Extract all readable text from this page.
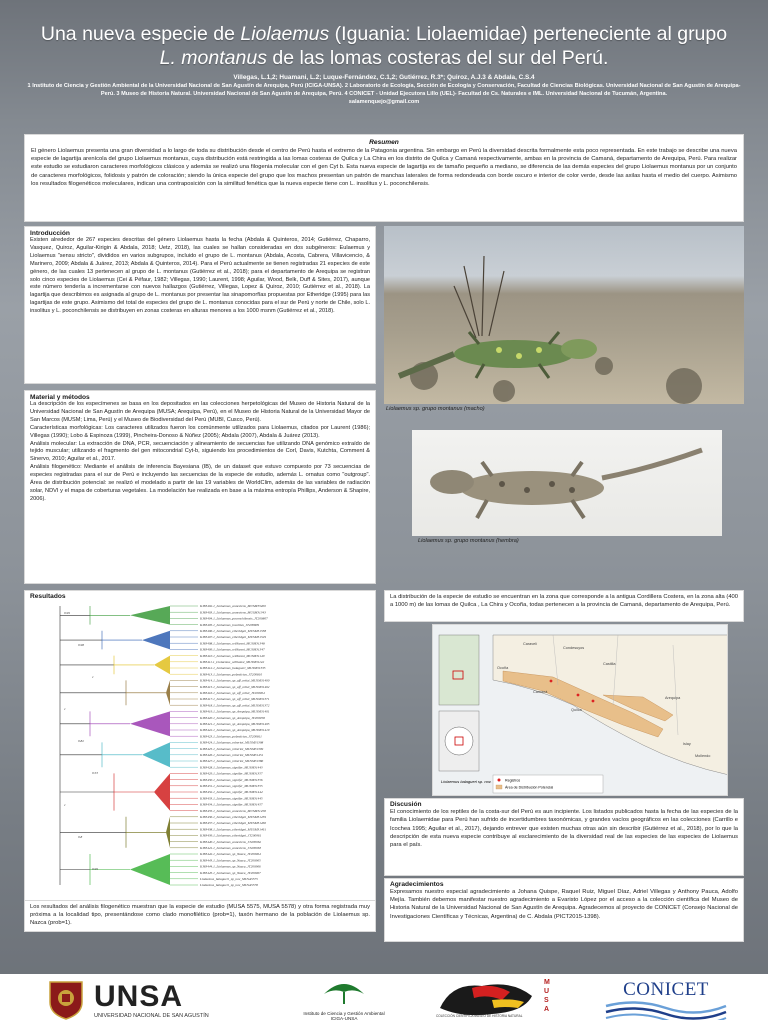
Una nueva especie de Liolaemus (Iguania: Liolaemidae) perteneciente al grupo
L. montanus de las lomas costeras del sur del Perú.
Villegas, L.1,2; Huamani, L.2; Luque-Fernández, C.1,2; Gutiérrez, R.3*; Quiroz, A.J.3 & Abdala, C.S.4
1 Instituto de Ciencia y Gestión Ambiental de la Universidad Nacional de San Agustín de Arequipa, Perú (ICIGA-UNSA). 2 Laboratorio de Ecología, Sección de Ecología y Conservación, Facultad de Ciencias Biológicas. Universidad Nacional de San Agustín de Arequipa- Perú. 3 Museo de Historia Natural. Universidad Nacional de San Agustín de Arequipa, Perú. 4 CONICET - Unidad Ejecutora Lillo (UEL)- Facultad de Cs. Naturales e IML. Universidad Nacional de Tucumán, Argentina.
salamenquejo@gmail.com
Resumen
El género Liolaemus presenta una gran diversidad a lo largo de toda su distribución desde el centro de Perú hasta el extremo de la Patagonia argentina. Sin embargo en Perú la diversidad descrita formalmente esta poco representada. En este trabajo se describe una nueva especie de lagartija arenícola del grupo Liolaemus montanus, cuya distribución está restringida a las lomas costeras de Quilca y La Chira en los distrito de Quilca y Camaná respectivamente, ambas en la provincia de Camaná, departamento de Arequipa, Perú. Para realizar este estudio se estudiaron caracteres morfológicos clásicos y además se realizó una filogenia molecular con el gen Cyt b. Esta nueva especie de lagartija es de tamaño pequeño a mediano, se diferencia de las demás especies del grupo Liolaemus montanus por un conjunto de caracteres morfológicos, folidosis y patrón de coloración; siendo la única especie del grupo que los machos presentan un patrón de manchas laterales de forma redondeada con borde oscuro e interior de color verde, desde las axilas hasta el medio del cuerpo. Asimismo los resultados filogenéticos moleculares, indican una contraposición con la similitud fenética que la nueva especie tiene con L. insolitus y L. poconchilensis.
Introducción
Existen alrededor de 267 especies descritas del género Liolaemus hasta la fecha (Abdala & Quinteros, 2014; Gutiérrez, Chaparro, Vasquez, Quiroz, Aguilar-Kirigin & Abdala, 2018; Uetz, 2018), las cuales se hallan consideradas en dos subgéneros: Eulaemus y Liolaemus "sensu stricto", divididos en varios subgrupos, incluido el grupo de L. montanus (Abdala, Acosta, Cabrera, Villavicencio, & Marinero, 2009; Abdala & Juárez, 2013; Abdala & Quinteros, 2014). Para el Perú actualmente se tienen registradas 21 especies de este género, de las cuales 13 pertenecen al grupo de L. montanus (Gutiérrez et al., 2018); para el departamento de Arequipa se registran solo cinco especies de Liolaemus (Cei & Péfaur, 1982; Villegas, 1990; Laurent, 1998; Aguilar, Wood, Belk, Duff & Sites, 2017), aunque este número tendería a incrementarse con nuevos hallazgos (Gutiérrez, Villegas, Lopez & Quiroz, 2010; Gutiérrez et al., 2018). La lagartija que describimos es asignada al grupo de L. montanus por presentar las sinapomorfías propuestas por Etheridge (1995) para las lagartijas de este grupo. Asimismo del total de especies del grupo de L. montanus conocidas para el sur de Perú y norte de Chile, solo L. insolitus y L. poconchilensis se distribuyen en zonas costeras en alturas menores a los 1000 msnm (Gutiérrez et al., 2018).
Material y métodos
La descripción de los especímenes se basa en los depositados en las colecciones herpetológicas del Museo de Historia Natural de la Universidad Nacional de San Agustín de Arequipa (MUSA; Arequipa, Perú), en el Museo de Historia Natural de la Universidad Mayor de San Marcos (MUSM; Lima, Perú) y el Museo de Biodiversidad del Perú (MUBI, Cusco, Perú).
Características morfológicas: Los caracteres utilizados fueron los comúnmente utilizados para Liolaemus, citados por Laurent (1986); Villegas (1990); Lobo & Espinoza (1999), Pincheira-Donoso & Núñez (2005); Abdala (2007), Abdala & Juárez (2013).
Análisis molecular: La extracción de DNA, PCR, secuenciación y alineamiento de secuencias fue utilizando DNA genómico extraído de tejido muscular; utilizando el fragmento del gen mitocondrial Cyt-b, siguiendo los procedimientos de Corl, Davis, Kutchta, Comment & Sinervo, 2010; Aguilar et al., 2017.
Análisis filogenético: Mediante el análisis de inferencia Bayesiana (IB), de un dataset que estuvo compuesto por 73 secuencias de especies registradas para el sur de Perú e incluyendo las secuencias de la especie de estudio, además L. ornatus como "outgroup". Área de distribución potencial: se realizó el modelado a partir de las 19 variables de WorldClim, además de las variables de radiación solar, NDVI y el mapa de coberturas vegetales. La modelación fue realizada en base a la máxima entropía Phillips, Anderson & Shapire, 2006).
Liolaemus sp. grupo montanus (macho)
Liolaemus sp. grupo montanus (hembra)
Resultados
KJ83402.1_Liolaemus_annectens_MUSM33400
KJ83403.1_Liolaemus_annectens_MUSM31343
KJ83404.1_Liolaemus_poconchilensis_JT200807
KJ83405.1_Liolaemus_insolitus_JT200809
KJ83406.1_Liolaemus_etheridgei_MUSM31338
KJ83407.1_Liolaemus_etheridgei_MUSM31329
KJ83408.1_Liolaemus_williamsi_MUSM31348
KJ83409.1_Liolaemus_williamsi_MUSM31347
KJ83410.1_Liolaemus_williamsi_MUSM31140
KJ83411.1_Liolaemus_williamsi_MUSM31142
KJ83412.1_Liolaemus_balagueri_MUSM31335
KJ83413.1_Liolaemus_polystictus_JT200810
KJ83414.1_Liolaemus_sp_aff_ortizi_MUSM31400
KJ83415.1_Liolaemus_sp_aff_ortizi_MUSM31402
KJ83416.1_Liolaemus_sp_aff_ortizi_JT200904
KJ83417.1_Liolaemus_sp_aff_ortizi_MUSM31371
KJ83418.1_Liolaemus_sp_aff_ortizi_MUSM31372
KJ83419.1_Liolaemus_sp_Arequipa_MUSM31401
KJ83420.1_Liolaemus_sp_Arequipa_JT200958
KJ83421.1_Liolaemus_sp_Arequipa_MUSM31405
KJ83422.1_Liolaemus_sp_Arequipa_MUSM31419
KJ83423.1_Liolaemus_polystictus_JT200811
KJ83424.1_Liolaemus_robertoi_MUSM31398
KJ83425.1_Liolaemus_robertoi_MUSM31399
KJ83426.1_Liolaemus_robertoi_MUSM31451
KJ83427.1_Liolaemus_robertoi_MUSM31386
KJ83428.1_Liolaemus_signifer_MUSM31443
KJ83429.1_Liolaemus_signifer_MUSM31357
KJ83430.1_Liolaemus_signifer_MUSM31356
KJ83431.1_Liolaemus_signifer_MUSM31355
KJ83432.1_Liolaemus_signifer_MUSM31444
KJ83433.1_Liolaemus_signifer_MUSM31445
KJ83434.1_Liolaemus_signifer_MUSM31457
KJ83435.1_Liolaemus_annectens_MUSM31458
KJ83436.1_Liolaemus_etheridgei_MUSM31459
KJ83437.1_Liolaemus_etheridgei_MUSM31460
KJ83438.1_Liolaemus_etheridgei_MUSM31461
KJ83439.1_Liolaemus_etheridgei_JT200961
KJ83440.1_Liolaemus_annectens_JT200962
KJ83441.1_Liolaemus_annectens_JT200963
KJ83442.1_Liolaemus_sp_Nazca_JT200964
KJ83443.1_Liolaemus_sp_Nazca_JT200965
KJ83444.1_Liolaemus_sp_Nazca_JT200966
KJ83445.1_Liolaemus_sp_Nazca_JT200967
Liolaemus_balagueri_sp_nov_MUSA5575
Liolaemus_balagueri_sp_nov_MUSA5578
0.99
0.98
1
1
0.82
0.53
1
0.8
0.99
Los resultados del análisis filogenético muestran que la especie de estudio (MUSA 5575, MUSA 5578) y otra forma registrada muy próxima a la localidad tipo, presentándose como clado monofilético (prob=1), taxón hermano de la población de Liolaemus sp. Nazca (prob=1).
La distribución de la especie de estudio se encuentran en la zona que corresponde a la antigua Cordillera Costera, en la zona alta (400 a 1000 m) de las lomas de Quilca , La Chira y Ocoña, todas pertenecen a la provincia de Camaná, departamento de Arequipa, Perú.
Ocoña
Camaná
Quilca
Castilla
Condesuyos
Arequipa
Caravelí
Islay
Mollendo
Registros
Área de Distribución Potencial
Liolaemus balagueri sp. nov.
Discusión
El conocimiento de los reptiles de la costa-sur del Perú es aun incipiente. Los listados publicados hasta la fecha de las especies de la familia Liolaemidae para Perú han sufrido de incertidumbres taxonómicas, y grandes vacíos geográficos en las colecciones (Carrillo e Icochea 1995; Aguilar et al., 2017), dejando entrever que existen muchas otras aún sin describir (Gutiérrez et al., 2018), por lo que la descripción de esta nueva especie contribuye al esclarecimiento de la diversidad real de las especies de las especies de Liolaemus para el país.
Agradecimientos
Expresamos nuestro especial agradecimiento a Johana Quispe, Raquel Ruiz, Miguel Díaz, Adriel Villegas y Anthony Pauca, Adolfo Mejía. También debemos manifestar nuestro agradecimiento a Evaristo López por el acceso a la colección científica del Museo de Historia Natural de la Universidad Nacional de San Agustín de Arequipa. Agradecemos al proyecto de CONICET (Consejo Nacional de Investigaciones Científicas y Técnicas, Argentina) de C. Abdala (PICT2015-1398).
UNSA
UNIVERSIDAD NACIONAL DE SAN AGUSTÍN	Instituto de Ciencia y Gestión Ambiental
ICIGA-UNSA
M
U
S
A
COLECCIÓN CIENTÍFICA MUSEO DE HISTORIA NATURAL
CONICET
